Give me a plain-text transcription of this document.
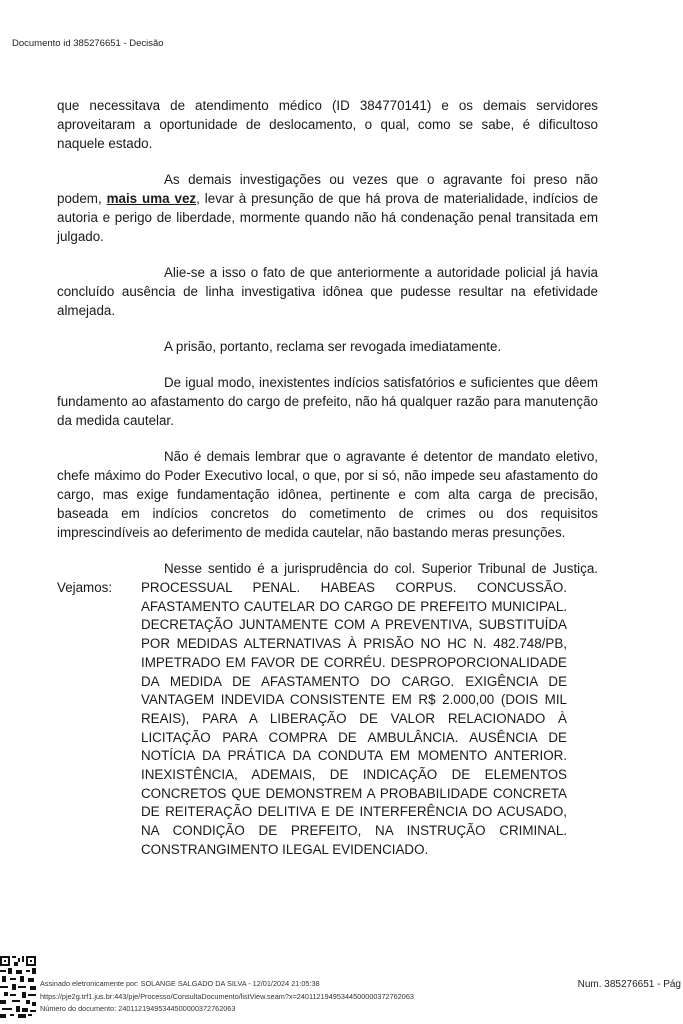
Documento id 385276651 - Decisão

que necessitava de atendimento médico (ID 384770141) e os demais servidores aproveitaram a oportunidade de deslocamento, o qual, como se sabe, é dificultoso naquele estado.

As demais investigações ou vezes que o agravante foi preso não podem, mais uma vez, levar à presunção de que há prova de materialidade, indícios de autoria e perigo de liberdade, mormente quando não há condenação penal transitada em julgado.

Alie-se a isso o fato de que anteriormente a autoridade policial já havia concluído ausência de linha investigativa idônea que pudesse resultar na efetividade almejada.

A prisão, portanto, reclama ser revogada imediatamente.

De igual modo, inexistentes indícios satisfatórios e suficientes que dêem fundamento ao afastamento do cargo de prefeito, não há qualquer razão para manutenção da medida cautelar.

Não é demais lembrar que o agravante é detentor de mandato eletivo, chefe máximo do Poder Executivo local, o que, por si só, não impede seu afastamento do cargo, mas exige fundamentação idônea, pertinente e com alta carga de precisão, baseada em indícios concretos do cometimento de crimes ou dos requisitos imprescindíveis ao deferimento de medida cautelar, não bastando meras presunções.

Nesse sentido é a jurisprudência do col. Superior Tribunal de Justiça. Vejamos:	PROCESSUAL PENAL. HABEAS CORPUS. CONCUSSÃO. AFASTAMENTO CAUTELAR DO CARGO DE PREFEITO MUNICIPAL. DECRETAÇÃO JUNTAMENTE COM A PREVENTIVA, SUBSTITUÍDA POR MEDIDAS ALTERNATIVAS À PRISÃO NO HC N. 482.748/PB, IMPETRADO EM FAVOR DE CORRÉU. DESPROPORCIONALIDADE DA MEDIDA DE AFASTAMENTO DO CARGO. EXIGÊNCIA DE VANTAGEM INDEVIDA CONSISTENTE EM R$ 2.000,00 (DOIS MIL REAIS), PARA A LIBERAÇÃO DE VALOR RELACIONADO À LICITAÇÃO PARA COMPRA DE AMBULÂNCIA. AUSÊNCIA DE NOTÍCIA DA PRÁTICA DA CONDUTA EM MOMENTO ANTERIOR. INEXISTÊNCIA, ADEMAIS, DE INDICAÇÃO DE ELEMENTOS CONCRETOS QUE DEMONSTREM A PROBABILIDADE CONCRETA DE REITERAÇÃO DELITIVA E DE INTERFERÊNCIA DO ACUSADO, NA CONDIÇÃO DE PREFEITO, NA INSTRUÇÃO CRIMINAL. CONSTRANGIMENTO ILEGAL EVIDENCIADO.

Assinado eletronicamente por: SOLANGE SALGADO DA SILVA - 12/01/2024 21:05:38
https://pje2g.trf1.jus.br:443/pje/Processo/ConsultaDocumento/listView.seam?x=24011219495344500000372762063
Número do documento: 24011219495344500000372762063
Num. 385276651 - Pág
